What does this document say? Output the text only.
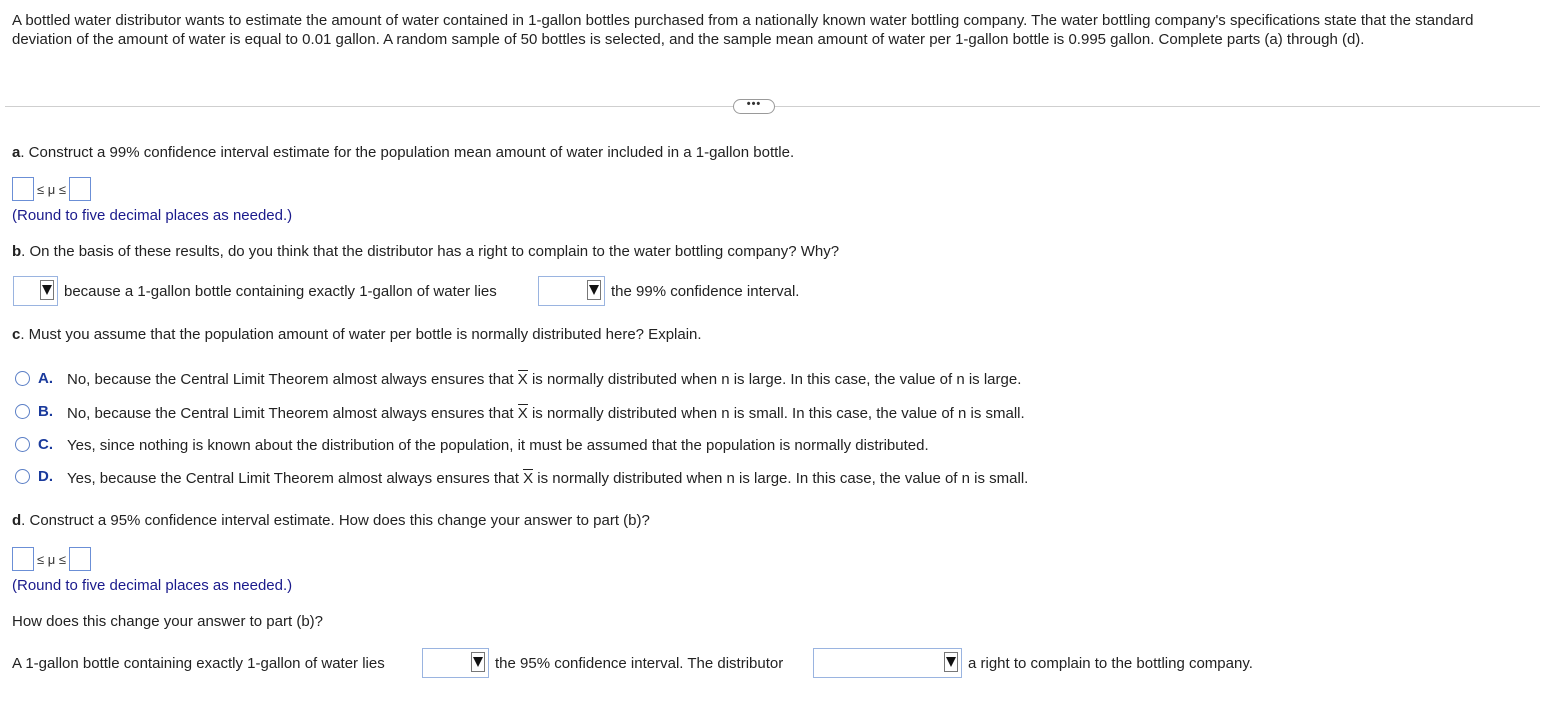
A bottled water distributor wants to estimate the amount of water contained in 1-gallon bottles purchased from a nationally known water bottling company. The water bottling company's specifications state that the standard deviation of the amount of water is equal to 0.01 gallon. A random sample of 50 bottles is selected, and the sample mean amount of water per 1-gallon bottle is 0.995 gallon. Complete parts (a) through (d).
•••
a. Construct a 99% confidence interval estimate for the population mean amount of water included in a 1-gallon bottle.
≤ μ ≤
(Round to five decimal places as needed.)
b. On the basis of these results, do you think that the distributor has a right to complain to the water bottling company? Why?
because a 1-gallon bottle containing exactly 1-gallon of water lies	the 99% confidence interval.
c. Must you assume that the population amount of water per bottle is normally distributed here? Explain.
A. No, because the Central Limit Theorem almost always ensures that X is normally distributed when n is large. In this case, the value of n is large.
B. No, because the Central Limit Theorem almost always ensures that X is normally distributed when n is small. In this case, the value of n is small.
C. Yes, since nothing is known about the distribution of the population, it must be assumed that the population is normally distributed.
D. Yes, because the Central Limit Theorem almost always ensures that X is normally distributed when n is large. In this case, the value of n is small.
d. Construct a 95% confidence interval estimate. How does this change your answer to part (b)?
≤ μ ≤
(Round to five decimal places as needed.)
How does this change your answer to part (b)?
A 1-gallon bottle containing exactly 1-gallon of water lies	the 95% confidence interval. The distributor	a right to complain to the bottling company.
